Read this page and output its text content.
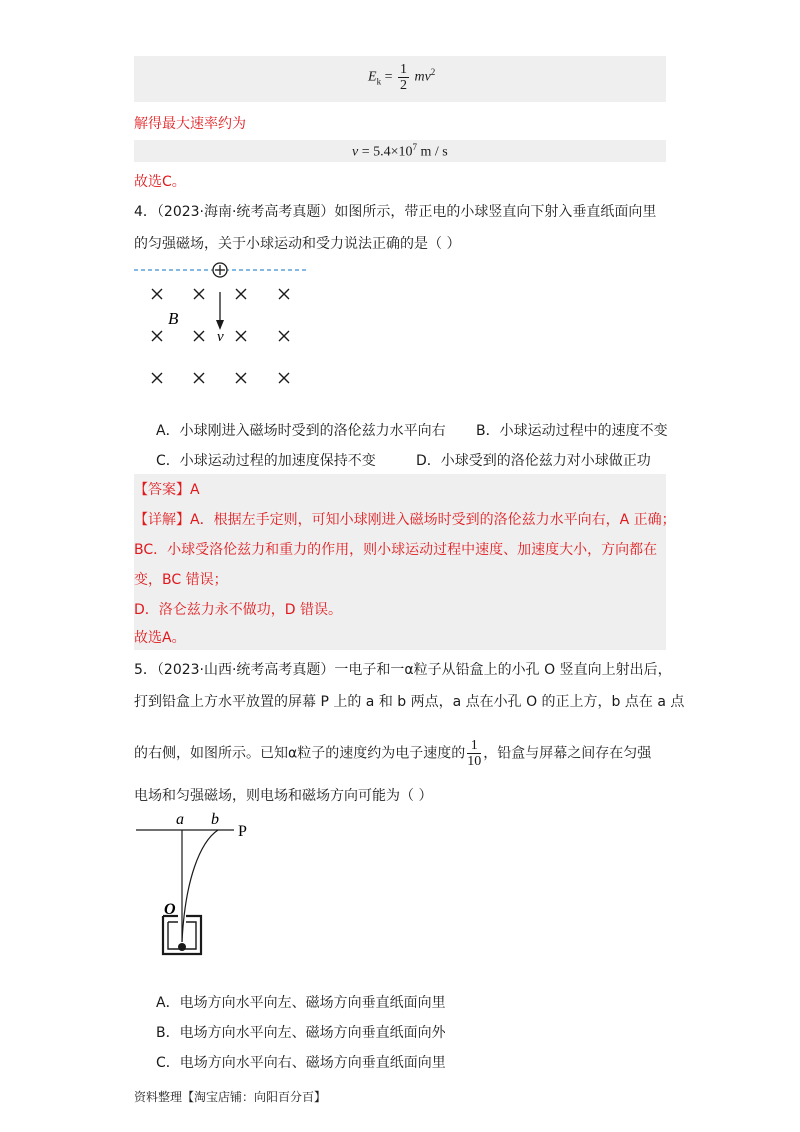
$E_k = \frac{1}{2} mv^2$
解得最大速率约为
$v = 5.4\times 10^7$ m / s
故选C。
4．（2023·海南·统考高考真题）如图所示，带正电的小球竖直向下射入垂直纸面向里
的匀强磁场，关于小球运动和受力说法正确的是（ ）
B
v
A．小球刚进入磁场时受到的洛伦兹力水平向右 B．小球运动过程中的速度不变
C．小球运动过程的加速度保持不变	D．小球受到的洛伦兹力对小球做正功
【答案】A
【详解】A．根据左手定则，可知小球刚进入磁场时受到的洛伦兹力水平向右，A 正确；
BC．小球受洛伦兹力和重力的作用，则小球运动过程中速度、加速度大小，方向都在
变，BC 错误；
D．洛仑兹力永不做功，D 错误。
故选A。
5．（2023·山西·统考高考真题）一电子和一α粒子从铅盒上的小孔 O 竖直向上射出后，
打到铅盒上方水平放置的屏幕 P 上的 a 和 b 两点，a 点在小孔 O 的正上方，b 点在 a 点
的右侧，如图所示。已知α粒子的速度约为电子速度的 $\frac{1}{10}$ ，铅盒与屏幕之间存在匀强
电场和匀强磁场，则电场和磁场方向可能为（ ）
a b
P
O
A．电场方向水平向左、磁场方向垂直纸面向里
B．电场方向水平向左、磁场方向垂直纸面向外
C．电场方向水平向右、磁场方向垂直纸面向里
资料整理【淘宝店铺：向阳百分百】
